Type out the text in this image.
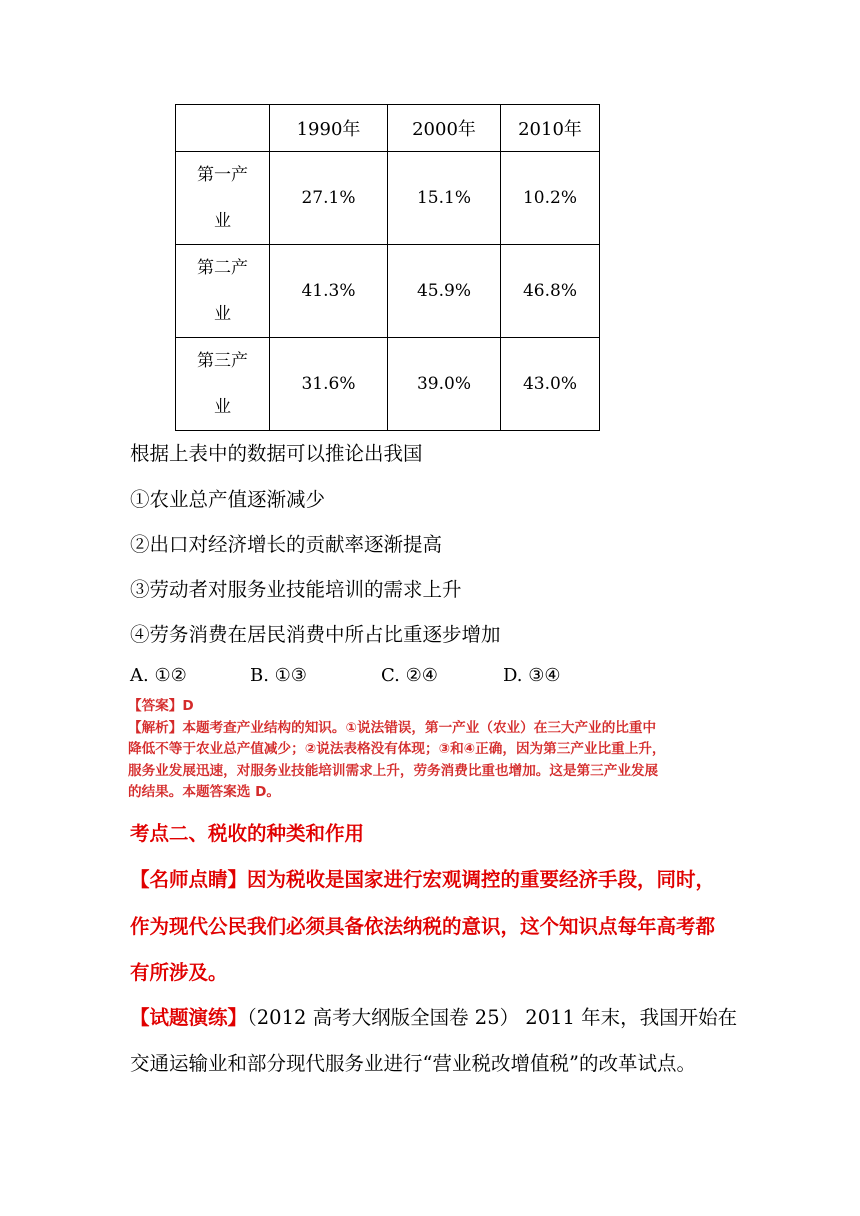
	1990年	2000年	2010年
第一产
业	27.1%	15.1%	10.2%
第二产
业	41.3%	45.9%	46.8%
第三产
业	31.6%	39.0%	43.0%
根据上表中的数据可以推论出我国
①农业总产值逐渐减少
②出口对经济增长的贡献率逐渐提高
③劳动者对服务业技能培训的需求上升
④劳务消费在居民消费中所占比重逐步增加
A. ①②	B. ①③	C. ②④	D. ③④

【答案】D

【解析】本题考查产业结构的知识。①说法错误，第一产业（农业）在三大产业的比重中

降低不等于农业总产值减少；②说法表格没有体现；③和④正确，因为第三产业比重上升，

服务业发展迅速，对服务业技能培训需求上升，劳务消费比重也增加。这是第三产业发展

的结果。本题答案选 D。

考点二、税收的种类和作用
【名师点睛】因为税收是国家进行宏观调控的重要经济手段，同时，
作为现代公民我们必须具备依法纳税的意识，这个知识点每年高考都
有所涉及。
【试题演练】（2012 高考大纲版全国卷 25） 2011 年末，我国开始在
交通运输业和部分现代服务业进行“营业税改增值税”的改革试点。
